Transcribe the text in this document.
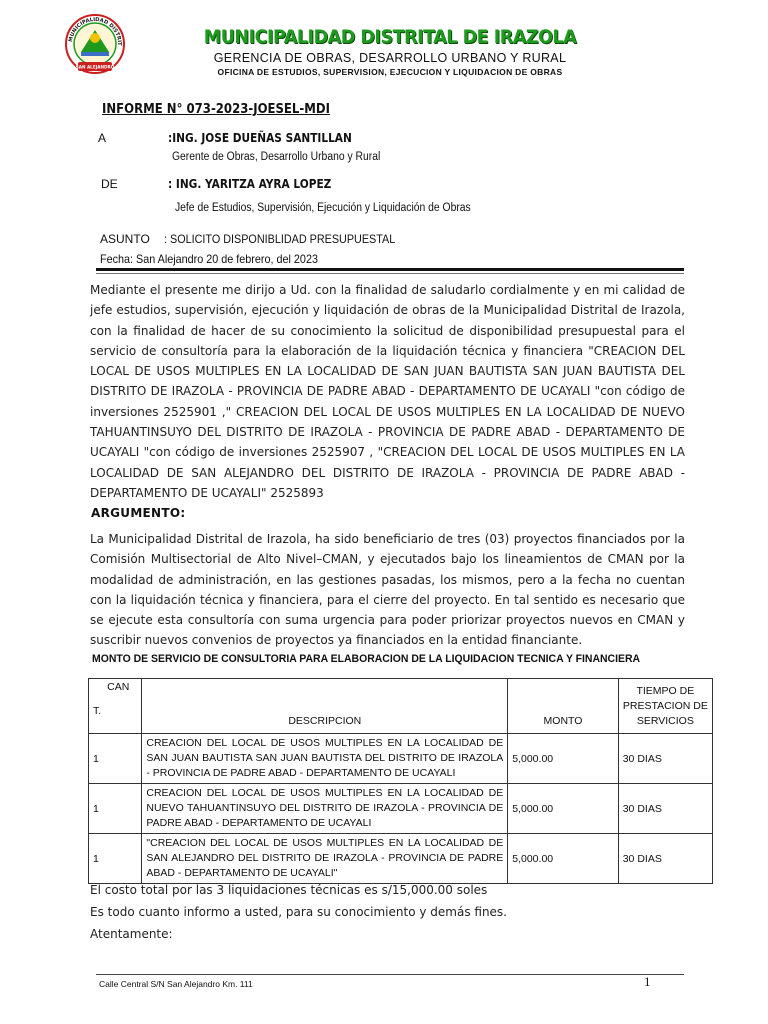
MUNICIPALIDAD DISTRIT
SAN ALEJANDRO
MUNICIPALIDAD DISTRITAL DE IRAZOLA
GERENCIA DE OBRAS, DESARROLLO URBANO Y RURAL
OFICINA DE ESTUDIOS, SUPERVISION, EJECUCION Y LIQUIDACION DE OBRAS
INFORME N° 073-2023-JOESEL-MDI
A	:ING. JOSE DUEÑAS SANTILLAN
Gerente de Obras, Desarrollo Urbano y Rural
DE	: ING. YARITZA AYRA LOPEZ
Jefe de Estudios, Supervisión, Ejecución y Liquidación de Obras
ASUNTO : SOLICITO DISPONIBLIDAD PRESUPUESTAL
Fecha: San Alejandro 20 de febrero, del 2023
Mediante el presente me dirijo a Ud. con la finalidad de saludarlo cordialmente y en mi calidad de jefe estudios, supervisión, ejecución y liquidación de obras de la Municipalidad Distrital de Irazola, con la finalidad de hacer de su conocimiento la solicitud de disponibilidad presupuestal para el servicio de consultoría para la elaboración de la liquidación técnica y financiera "CREACION DEL LOCAL DE USOS MULTIPLES EN LA LOCALIDAD DE SAN JUAN BAUTISTA SAN JUAN BAUTISTA DEL DISTRITO DE IRAZOLA - PROVINCIA DE PADRE ABAD - DEPARTAMENTO DE UCAYALI "con código de inversiones 2525901 ," CREACION DEL LOCAL DE USOS MULTIPLES EN LA LOCALIDAD DE NUEVO TAHUANTINSUYO DEL DISTRITO DE IRAZOLA - PROVINCIA DE PADRE ABAD - DEPARTAMENTO DE UCAYALI "con código de inversiones 2525907 , "CREACION DEL LOCAL DE USOS MULTIPLES EN LA LOCALIDAD DE SAN ALEJANDRO DEL DISTRITO DE IRAZOLA - PROVINCIA DE PADRE ABAD - DEPARTAMENTO DE UCAYALI" 2525893
ARGUMENTO:
La Municipalidad Distrital de Irazola, ha sido beneficiario de tres (03) proyectos financiados por la Comisión Multisectorial de Alto Nivel–CMAN, y ejecutados bajo los lineamientos de CMAN por la modalidad de administración, en las gestiones pasadas, los mismos, pero a la fecha no cuentan con la liquidación técnica y financiera, para el cierre del proyecto. En tal sentido es necesario que se ejecute esta consultoría con suma urgencia para poder priorizar proyectos nuevos en CMAN y suscribir nuevos convenios de proyectos ya financiados en la entidad financiante.
MONTO DE SERVICIO DE CONSULTORIA PARA ELABORACION DE LA LIQUIDACION TECNICA Y FINANCIERA
CAN
T.	DESCRIPCION	MONTO	TIEMPO DE PRESTACION DE SERVICIOS
1	CREACION DEL LOCAL DE USOS MULTIPLES EN LA LOCALIDAD DE SAN JUAN BAUTISTA SAN JUAN BAUTISTA DEL DISTRITO DE IRAZOLA - PROVINCIA DE PADRE ABAD - DEPARTAMENTO DE UCAYALI	5,000.00	30 DIAS
1	CREACION DEL LOCAL DE USOS MULTIPLES EN LA LOCALIDAD DE NUEVO TAHUANTINSUYO DEL DISTRITO DE IRAZOLA - PROVINCIA DE PADRE ABAD - DEPARTAMENTO DE UCAYALI	5,000.00	30 DIAS
1	"CREACION DEL LOCAL DE USOS MULTIPLES EN LA LOCALIDAD DE SAN ALEJANDRO DEL DISTRITO DE IRAZOLA - PROVINCIA DE PADRE ABAD - DEPARTAMENTO DE UCAYALI"	5,000.00	30 DIAS
El costo total por las 3 liquidaciones técnicas es s/15,000.00 soles
Es todo cuanto informo a usted, para su conocimiento y demás fines.
Atentamente:
Calle Central S/N San Alejandro Km. 111	1
